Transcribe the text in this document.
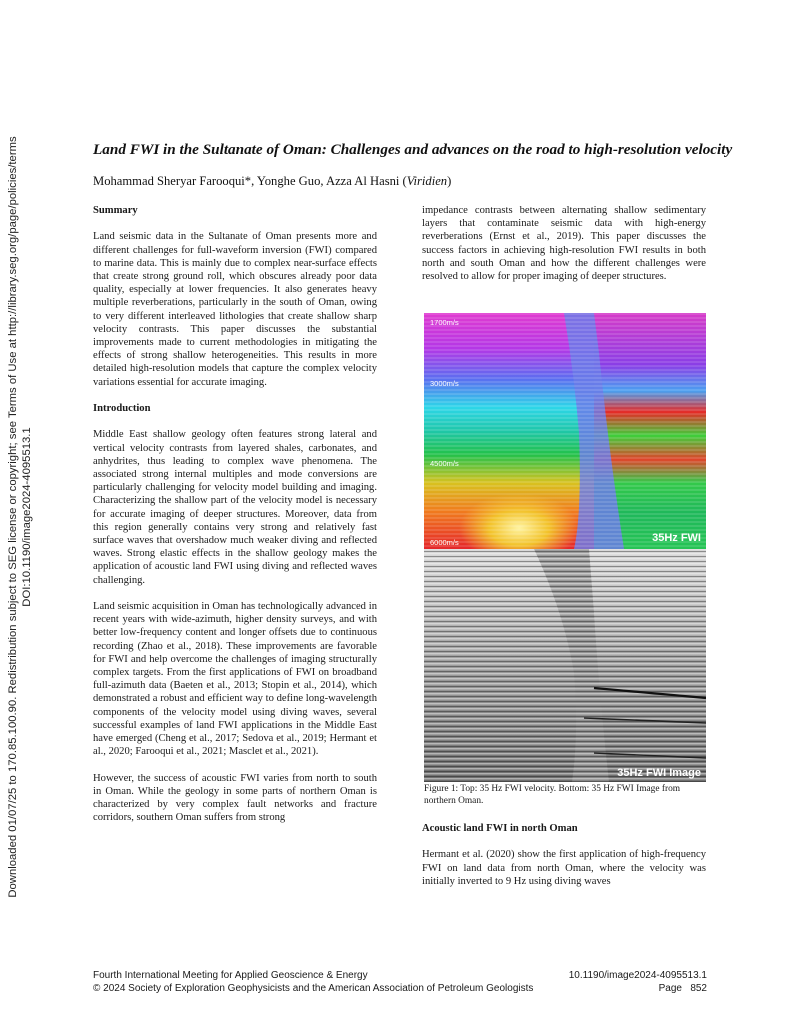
Downloaded 01/07/25 to 170.85.100.90. Redistribution subject to SEG license or copyright; see Terms of Use at http://library.seg.org/page/policies/terms DOI:10.1190/image2024-4095513.1
Land FWI in the Sultanate of Oman: Challenges and advances on the road to high-resolution velocity
Mohammad Sheryar Farooqui*, Yonghe Guo, Azza Al Hasni (Viridien)
Summary

Land seismic data in the Sultanate of Oman presents more and different challenges for full-waveform inversion (FWI) compared to marine data. This is mainly due to complex near-surface effects that create strong ground roll, which obscures already poor data quality, especially at lower frequencies. It also generates heavy multiple reverberations, particularly in the south of Oman, owing to very different interleaved lithologies that create shallow sharp velocity contrasts. This paper discusses the substantial improvements made to current methodologies in mitigating the effects of strong shallow heterogeneities. This results in more detailed high-resolution models that capture the complex velocity variations essential for accurate imaging.

Introduction

Middle East shallow geology often features strong lateral and vertical velocity contrasts from layered shales, carbonates, and anhydrites, thus leading to complex wave phenomena. The associated strong internal multiples and mode conversions are particularly challenging for velocity model building and imaging. Characterizing the shallow part of the velocity model is necessary for accurate imaging of deeper structures. Moreover, data from this region generally contains very strong and relatively fast surface waves that overshadow much weaker diving and reflected waves. Strong elastic effects in the shallow geology makes the application of acoustic land FWI using diving and reflected waves challenging.

Land seismic acquisition in Oman has technologically advanced in recent years with wide-azimuth, higher density surveys, and with better low-frequency content and longer offsets due to continuous recording (Zhao et al., 2018). These improvements are favorable for FWI and help overcome the challenges of imaging structurally complex targets. From the first applications of FWI on broadband full-azimuth data (Baeten et al., 2013; Stopin et al., 2014), which demonstrated a robust and efficient way to define long-wavelength components of the velocity model using diving waves, several successful examples of land FWI applications in the Middle East have emerged (Cheng et al., 2017; Sedova et al., 2019; Hermant et al., 2020; Farooqui et al., 2021; Masclet et al., 2021).

However, the success of acoustic FWI varies from north to south in Oman. While the geology in some parts of northern Oman is characterized by very complex fault networks and fracture corridors, southern Oman suffers from strong

impedance contrasts between alternating shallow sedimentary layers that contaminate seismic data with high-energy reverberations (Ernst et al., 2019). This paper discusses the success factors in achieving high-resolution FWI results in both north and south Oman and how the different challenges were resolved to allow for proper imaging of deeper structures.

1700m/s
3000m/s
4500m/s
6000m/s	35Hz FWI
35Hz FWI Image
Figure 1: Top: 35 Hz FWI velocity. Bottom: 35 Hz FWI Image from northern Oman.
Acoustic land FWI in north Oman

Hermant et al. (2020) show the first application of high-frequency FWI on land data from north Oman, where the velocity was initially inverted to 9 Hz using diving waves

Fourth International Meeting for Applied Geoscience & Energy
© 2024 Society of Exploration Geophysicists and the American Association of Petroleum Geologists
10.1190/image2024-4095513.1
Page 852
